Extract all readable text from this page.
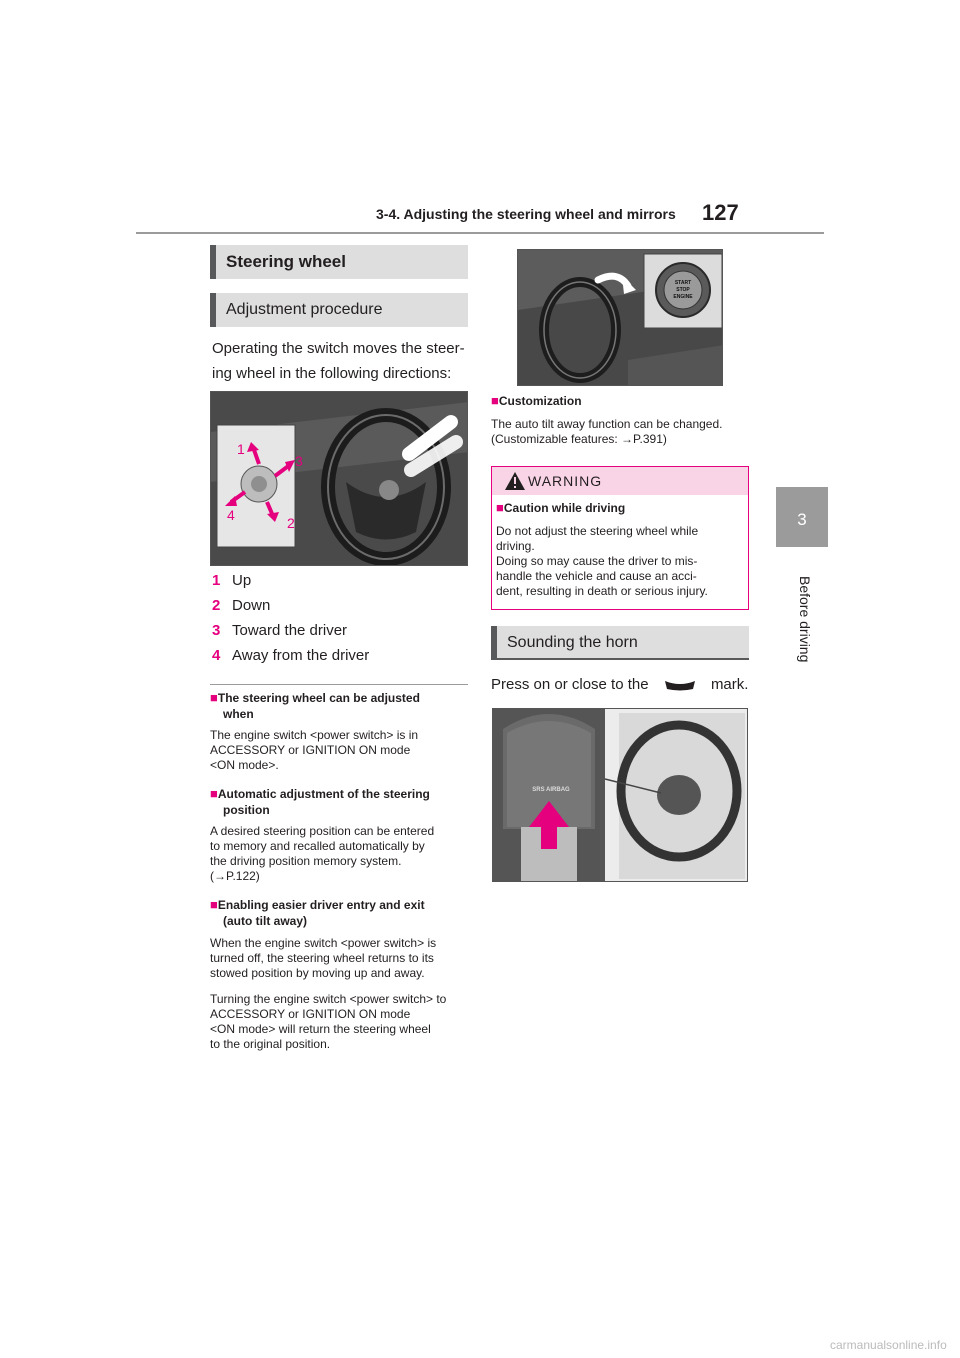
3-4. Adjusting the steering wheel and mirrors 127
3
Before driving
Steering wheel
Adjustment procedure
Operating the switch moves the steer-
ing wheel in the following directions:
1
3
4	2
1 Up
2 Down
3 Toward the driver
4 Away from the driver
■The steering wheel can be adjusted
when
The engine switch <power switch> is in
ACCESSORY or IGNITION ON mode
<ON mode>.
■Automatic adjustment of the steering
position
A desired steering position can be entered
to memory and recalled automatically by
the driving position memory system.
(→P.122)
■Enabling easier driver entry and exit
(auto tilt away)
When the engine switch <power switch> is
turned off, the steering wheel returns to its
stowed position by moving up and away.
Turning the engine switch <power switch> to
ACCESSORY or IGNITION ON mode
<ON mode> will return the steering wheel
to the original position.
START
STOP
ENGINE
■Customization
The auto tilt away function can be changed.
(Customizable features: →P.391)
WARNING
■Caution while driving
Do not adjust the steering wheel while
driving.
Doing so may cause the driver to mis-
handle the vehicle and cause an acci-
dent, resulting in death or serious injury.
Sounding the horn
Press on or close to the	mark.
SRS AIRBAG
carmanualsonline.info
